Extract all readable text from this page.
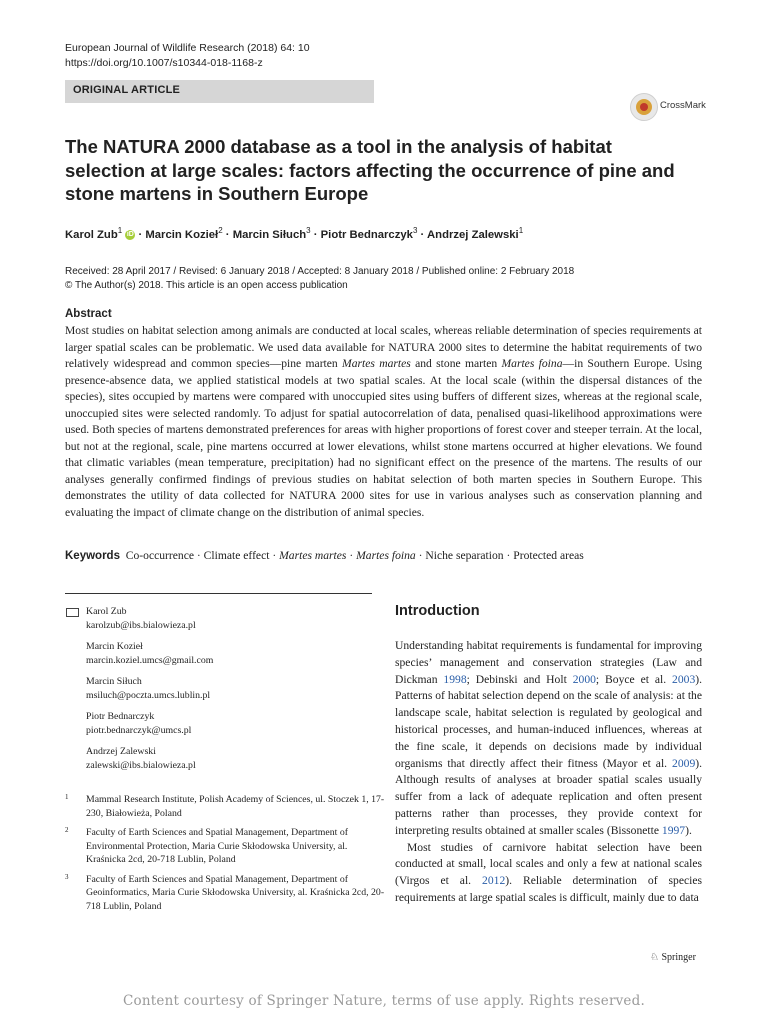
European Journal of Wildlife Research (2018) 64: 10
https://doi.org/10.1007/s10344-018-1168-z
ORIGINAL ARTICLE
CrossMark
The NATURA 2000 database as a tool in the analysis of habitat selection at large scales: factors affecting the occurrence of pine and stone martens in Southern Europe
Karol Zub$^1$ iD · Marcin Kozieł$^2$ · Marcin Siłuch$^3$ · Piotr Bednarczyk$^3$ · Andrzej Zalewski$^1$
Received: 28 April 2017 / Revised: 6 January 2018 / Accepted: 8 January 2018 / Published online: 2 February 2018
© The Author(s) 2018. This article is an open access publication
Abstract
Most studies on habitat selection among animals are conducted at local scales, whereas reliable determination of species requirements at larger spatial scales can be problematic. We used data available for NATURA 2000 sites to determine the habitat requirements of two relatively widespread and common species—pine marten Martes martes and stone marten Martes foina—in Southern Europe. Using presence-absence data, we applied statistical models at two spatial scales. At the local scale (within the dispersal distances of the species), sites occupied by martens were compared with unoccupied sites using buffers of different sizes, whereas at the regional scale, unoccupied sites were selected randomly. To adjust for spatial autocorrelation of data, penalised quasi-likelihood approximations were used. Both species of martens demonstrated preferences for areas with higher proportions of forest cover and steeper terrain. At the local, but not at the regional, scale, pine martens occurred at lower elevations, whilst stone martens occurred at higher elevations. We found that climatic variables (mean temperature, precipitation) had no significant effect on the presence of the martens. The results of our analyses generally confirmed findings of previous studies on habitat selection of both marten species in Southern Europe. This demonstrates the utility of data collected for NATURA 2000 sites for use in various analyses such as conservation planning and evaluating the impact of climate change on the distribution of animal species.
Keywords Co-occurrence · Climate effect · Martes martes · Martes foina · Niche separation · Protected areas
Karol Zub
karolzub@ibs.bialowieza.pl
Marcin Kozieł
marcin.koziel.umcs@gmail.com
Marcin Siłuch
msiluch@poczta.umcs.lublin.pl
Piotr Bednarczyk
piotr.bednarczyk@umcs.pl
Andrzej Zalewski
zalewski@ibs.bialowieza.pl
1 Mammal Research Institute, Polish Academy of Sciences, ul. Stoczek 1, 17-230, Białowieża, Poland
2 Faculty of Earth Sciences and Spatial Management, Department of Environmental Protection, Maria Curie Skłodowska University, al. Kraśnicka 2cd, 20-718 Lublin, Poland
3 Faculty of Earth Sciences and Spatial Management, Department of Geoinformatics, Maria Curie Skłodowska University, al. Kraśnicka 2cd, 20-718 Lublin, Poland
Introduction

Understanding habitat requirements is fundamental for improving species’ management and conservation strategies (Law and Dickman 1998; Debinski and Holt 2000; Boyce et al. 2003). Patterns of habitat selection depend on the scale of analysis: at the landscape scale, habitat selection is regulated by geological and historical processes, and human-induced influences, whereas at the fine scale, it depends on decisions made by individual organisms that directly affect their fitness (Mayor et al. 2009). Although results of analyses at broader spatial scales usually suffer from a lack of adequate replication and often present patterns rather than processes, they provide context for interpreting results obtained at smaller scales (Bissonette 1997).

Most studies of carnivore habitat selection have been conducted at small, local scales and only a few at national scales (Virgos et al. 2012). Reliable determination of species requirements at large spatial scales is difficult, mainly due to data

♘ Springer
Content courtesy of Springer Nature, terms of use apply. Rights reserved.
